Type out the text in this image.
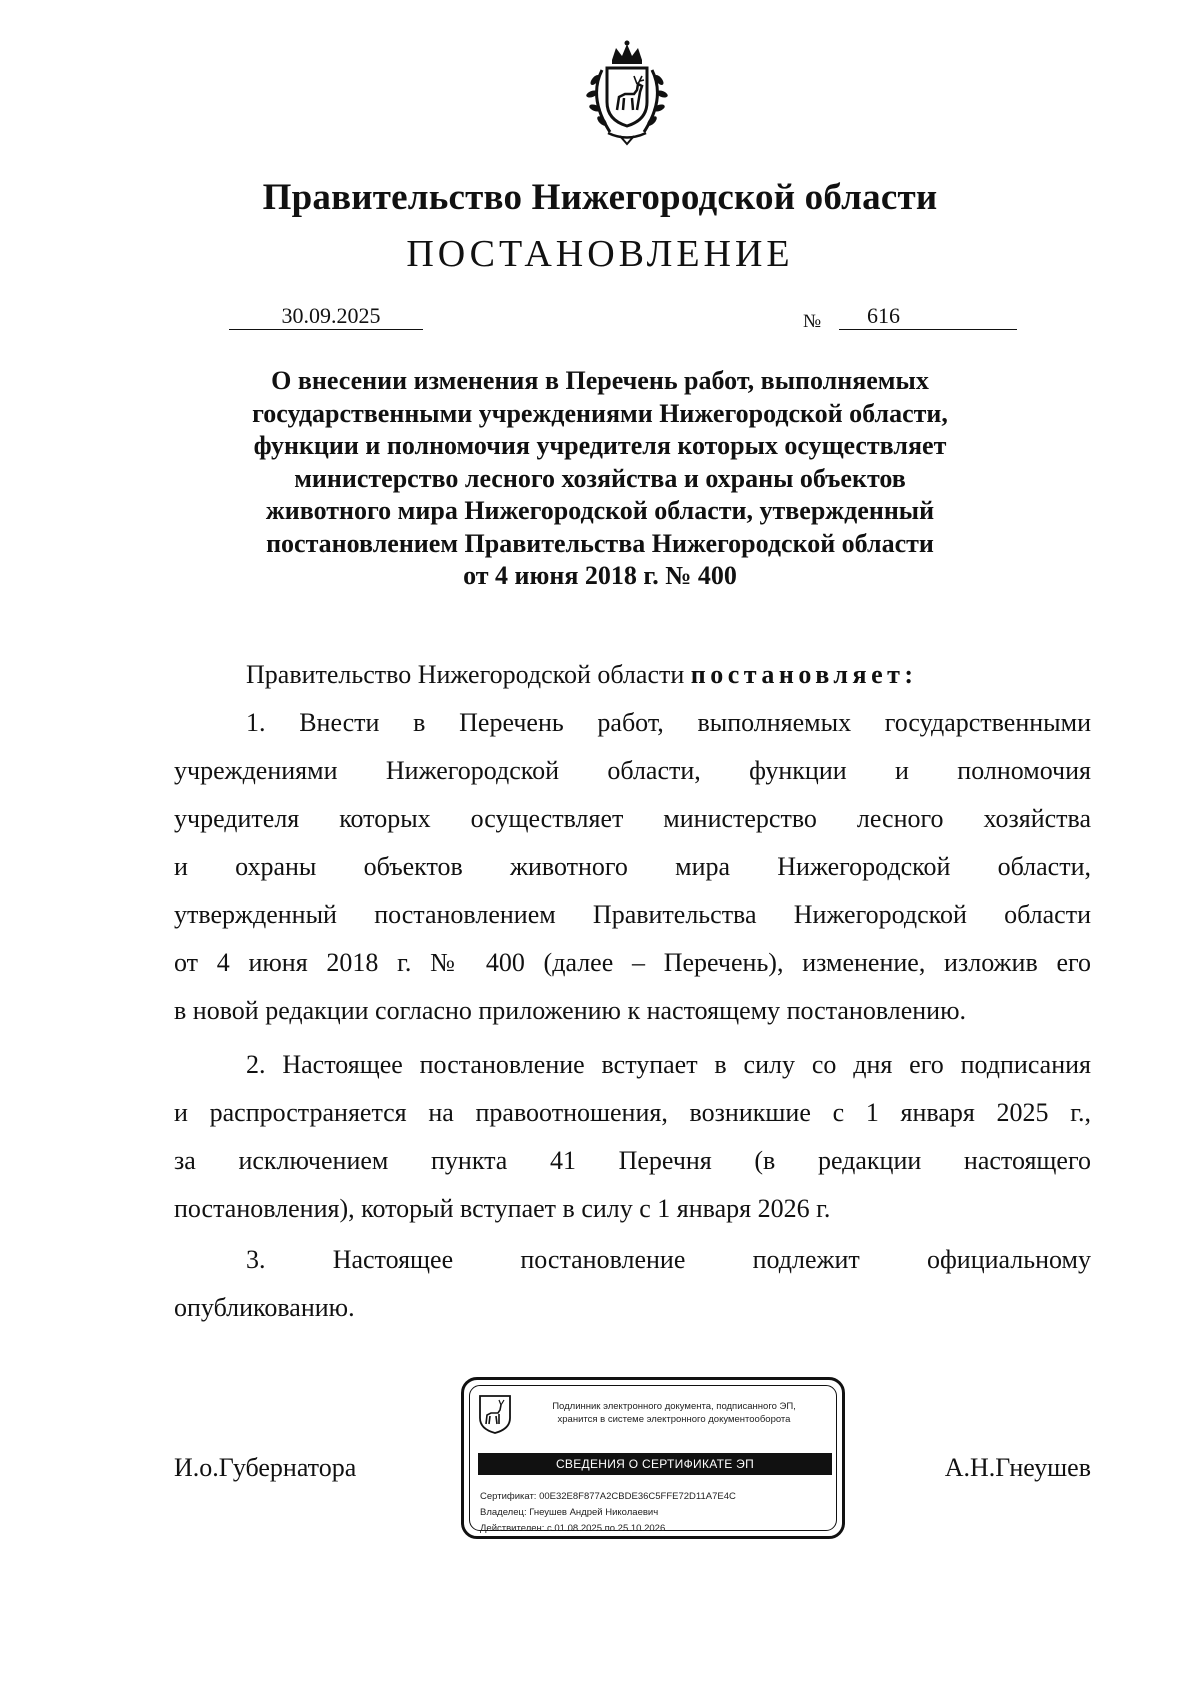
Правительство Нижегородской области
ПОСТАНОВЛЕНИЕ
30.09.2025	№	616
О внесении изменения в Перечень работ, выполняемых
государственными учреждениями Нижегородской области,
функции и полномочия учредителя которых осуществляет
министерство лесного хозяйства и охраны объектов
животного мира Нижегородской области, утвержденный
постановлением Правительства Нижегородской области
от 4 июня 2018 г. № 400
Правительство Нижегородской области постановляет:
1. Внести в Перечень работ, выполняемых государственными
учреждениями Нижегородской области, функции и полномочия
учредителя которых осуществляет министерство лесного хозяйства
и охраны объектов животного мира Нижегородской области,
утвержденный постановлением Правительства Нижегородской области
от 4 июня 2018 г. № 400 (далее – Перечень), изменение, изложив его
в новой редакции согласно приложению к настоящему постановлению.
2. Настоящее постановление вступает в силу со дня его подписания
и распространяется на правоотношения, возникшие с 1 января 2025 г.,
за исключением пункта 41 Перечня (в редакции настоящего
постановления), который вступает в силу с 1 января 2026 г.
3. Настоящее постановление подлежит официальному
опубликованию.
И.о.Губернатора	А.Н.Гнеушев
Подлинник электронного документа, подписанного ЭП,
хранится в системе электронного документооборота
СВЕДЕНИЯ О СЕРТИФИКАТЕ ЭП
Сертификат: 00E32E8F877A2CBDE36C5FFE72D11A7E4C
Владелец: Гнеушев Андрей Николаевич
Действителен: с 01.08.2025 по 25.10.2026
